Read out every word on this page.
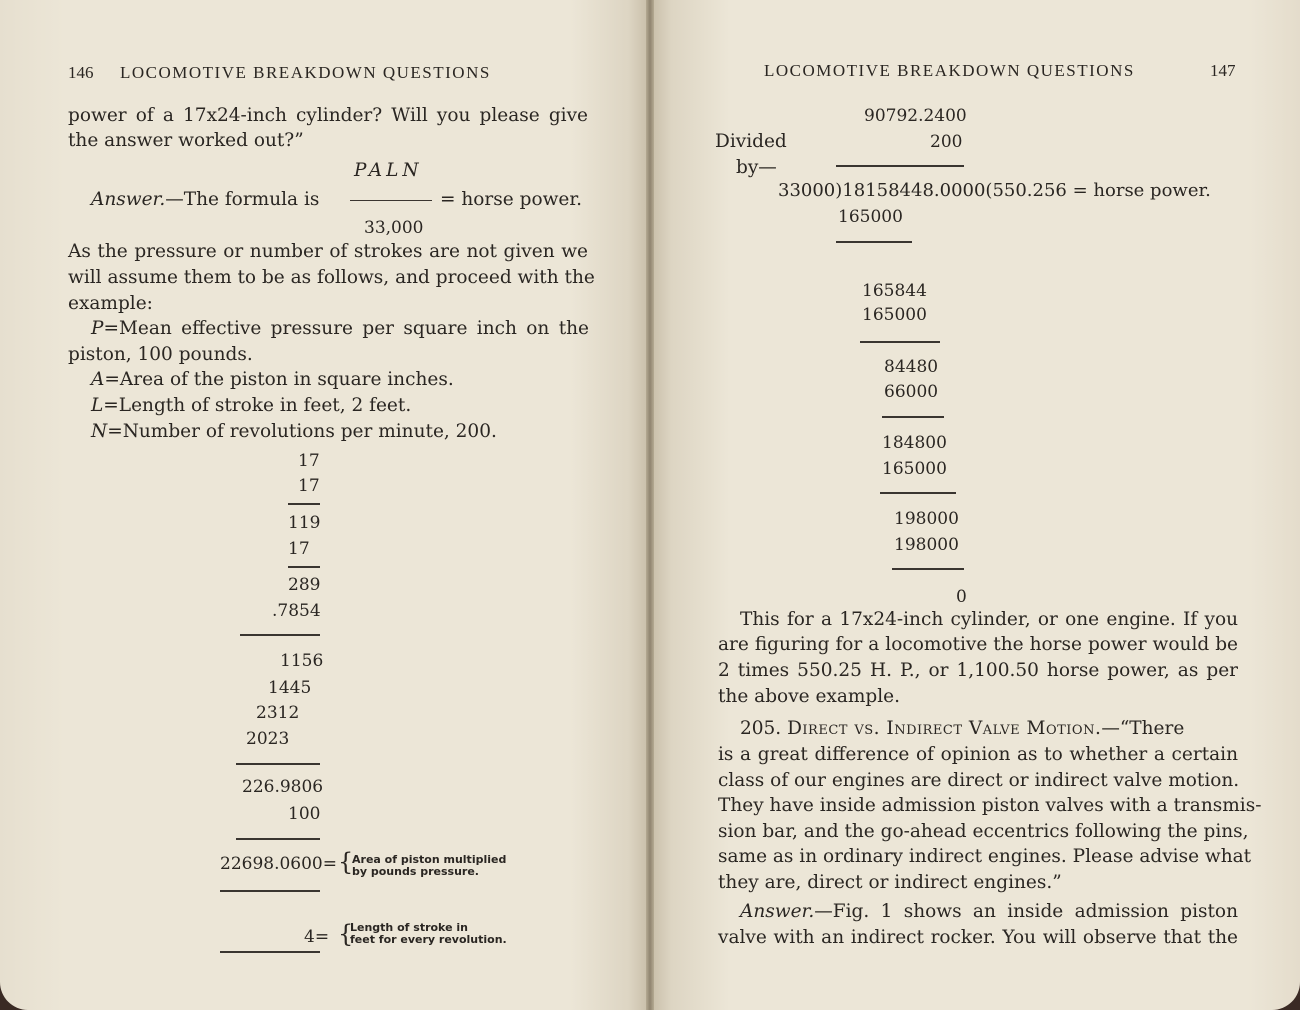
146 LOCOMOTIVE BREAKDOWN QUESTIONS
power of a 17x24-inch cylinder? Will you please give
the answer worked out?”
PALN
Answer.—The formula is	= horse power.
33,000
As the pressure or number of strokes are not given we
will assume them to be as follows, and proceed with the
example:
P=Mean effective pressure per square inch on the
piston, 100 pounds.
A=Area of the piston in square inches.
L=Length of stroke in feet, 2 feet.
N=Number of revolutions per minute, 200.
17
17
119
17
289
.7854
1156
1445
2312
2023
226.9806
100
22698.0600= {
Area of piston multiplied
by pounds pressure.
4= {
Length of stroke in
feet for every revolution.
LOCOMOTIVE BREAKDOWN QUESTIONS	147
90792.2400
Divided	200
by—
33000)18158448.0000(550.256 = horse power.
165000
165844
165000
84480
66000
184800
165000
198000
198000
0
This for a 17x24-inch cylinder, or one engine. If you
are figuring for a locomotive the horse power would be
2 times 550.25 H. P., or 1,100.50 horse power, as per
the above example.
205. Direct vs. Indirect Valve Motion.—“There
is a great difference of opinion as to whether a certain
class of our engines are direct or indirect valve motion.
They have inside admission piston valves with a transmis-
sion bar, and the go-ahead eccentrics following the pins,
same as in ordinary indirect engines. Please advise what
they are, direct or indirect engines.”
Answer.—Fig. 1 shows an inside admission piston
valve with an indirect rocker. You will observe that the
